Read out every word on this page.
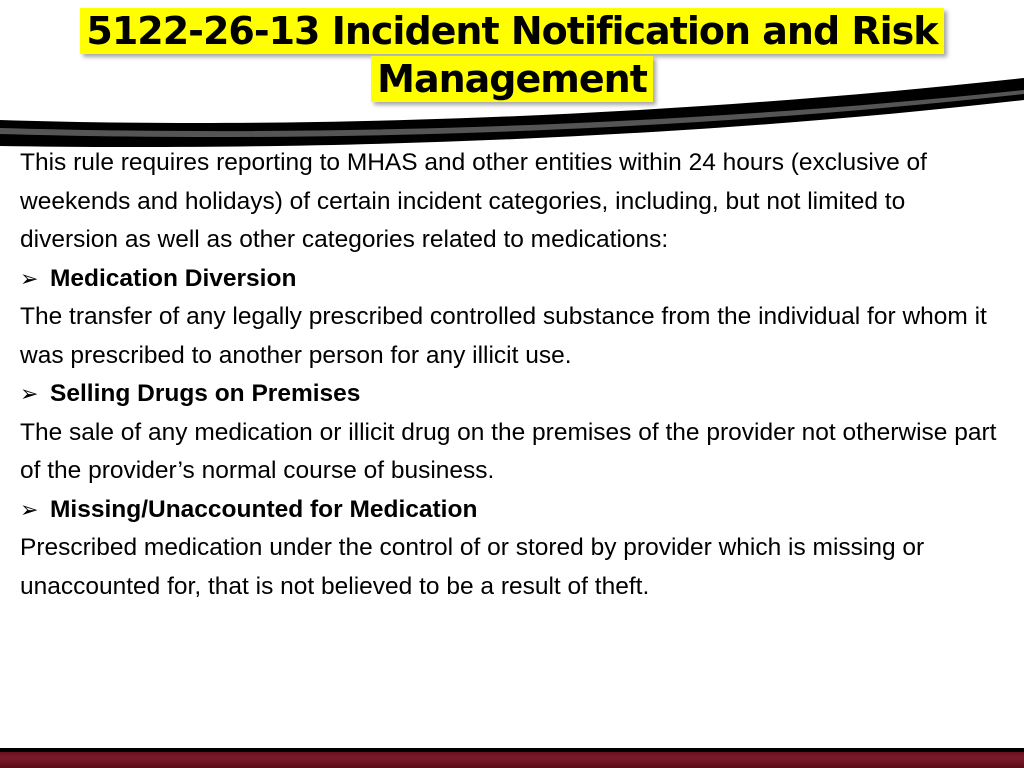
5122-26-13 Incident Notification and Risk
Management

This rule requires reporting to MHAS and other entities within 24 hours (exclusive of weekends and holidays) of certain incident categories, including, but not limited to diversion as well as other categories related to medications:

➢ Medication Diversion

The transfer of any legally prescribed controlled substance from the individual for whom it was prescribed to another person for any illicit use.

➢ Selling Drugs on Premises

The sale of any medication or illicit drug on the premises of the provider not otherwise part of the provider’s normal course of business.

➢ Missing/Unaccounted for Medication

Prescribed medication under the control of or stored by provider which is missing or unaccounted for, that is not believed to be a result of theft.
